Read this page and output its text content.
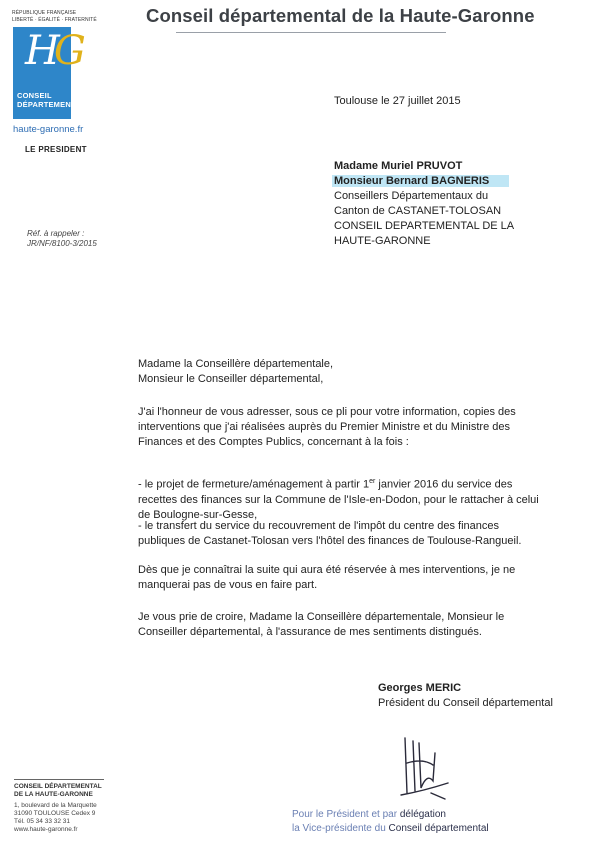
RÉPUBLIQUE FRANÇAISE
LIBERTÉ · ÉGALITÉ · FRATERNITÉ
HG
CONSEIL
DÉPARTEMENTAL
haute-garonne.fr
LE PRESIDENT
Conseil départemental de la Haute-Garonne
Toulouse le 27 juillet 2015
Madame Muriel PRUVOT
Monsieur Bernard BAGNERIS
Conseillers Départementaux du
Canton de CASTANET-TOLOSAN
CONSEIL DEPARTEMENTAL DE LA
HAUTE-GARONNE
Réf. à rappeler :
JR/NF/8100-3/2015

Madame la Conseillère départementale,

Monsieur le Conseiller départemental,

J'ai l'honneur de vous adresser, sous ce pli pour votre information, copies des

interventions que j'ai réalisées auprès du Premier Ministre et du Ministre des

Finances et des Comptes Publics, concernant à la fois :

- le projet de fermeture/aménagement à partir 1er janvier 2016 du service des

recettes des finances sur la Commune de l'Isle-en-Dodon, pour le rattacher à celui

de Boulogne-sur-Gesse,

- le transfert du service du recouvrement de l'impôt du centre des finances

publiques de Castanet-Tolosan vers l'hôtel des finances de Toulouse-Rangueil.

Dès que je connaîtrai la suite qui aura été réservée à mes interventions, je ne

manquerai pas de vous en faire part.

Je vous prie de croire, Madame la Conseillère départementale, Monsieur le

Conseiller départemental, à l'assurance de mes sentiments distingués.

Georges MERIC
Président du Conseil départemental
Pour le Président et par délégation
la Vice-présidente du Conseil départemental
CONSEIL DÉPARTEMENTAL
DE LA HAUTE-GARONNE
1, boulevard de la Marquette
31090 TOULOUSE Cedex 9
Tél. 05 34 33 32 31
www.haute-garonne.fr
